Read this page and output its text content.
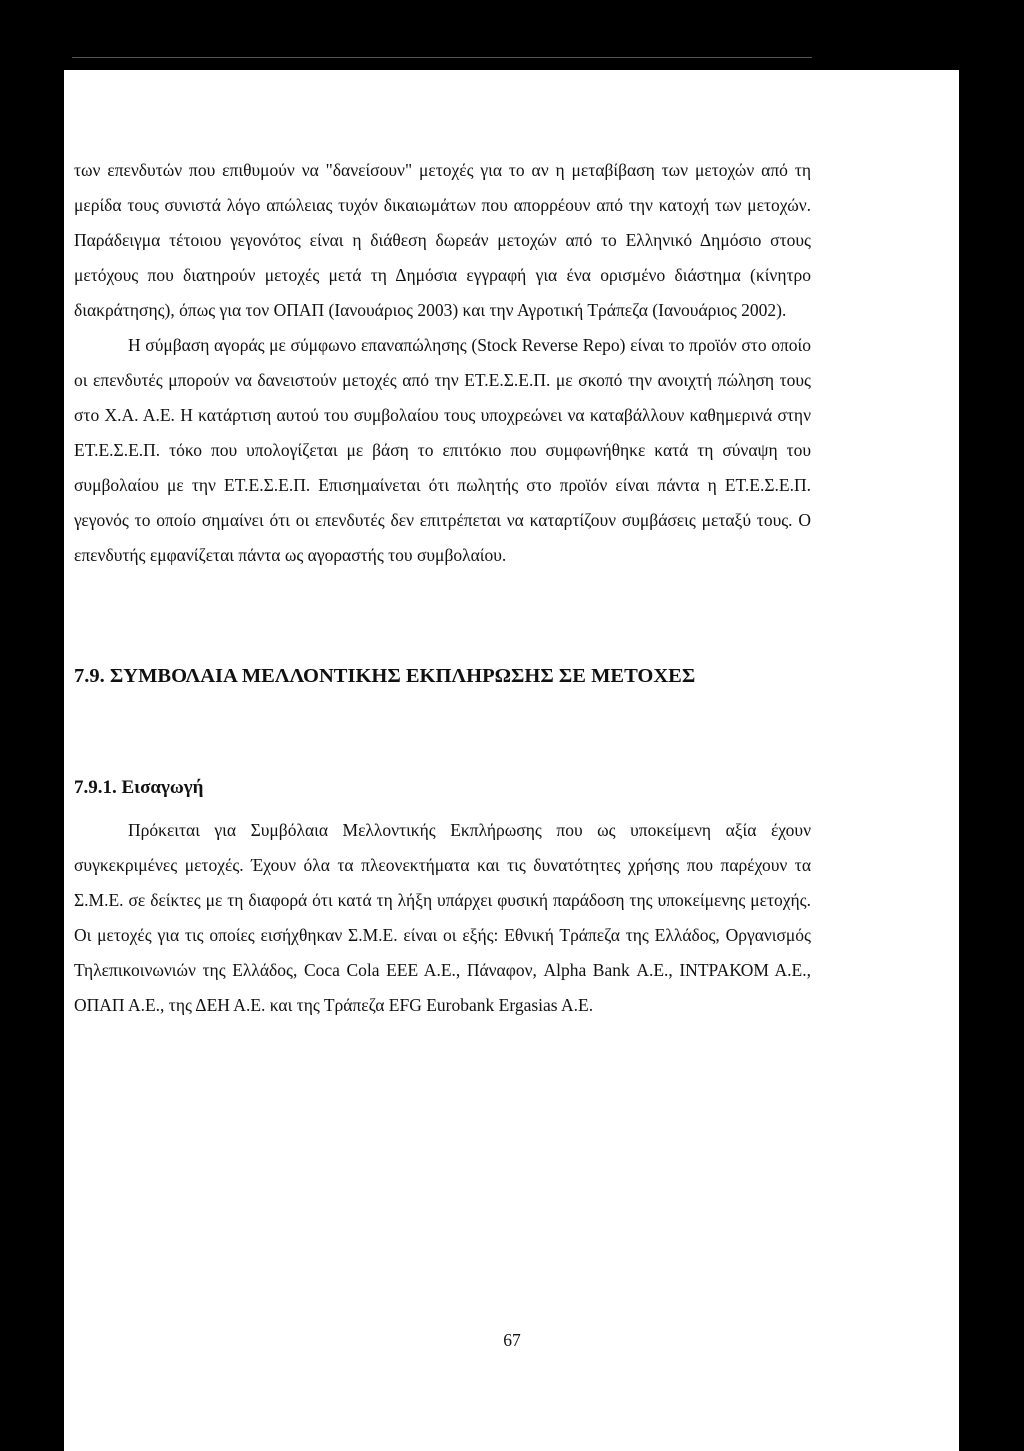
των επενδυτών που επιθυμούν να "δανείσουν" μετοχές για το αν η μεταβίβαση των μετοχών από τη μερίδα τους συνιστά λόγο απώλειας τυχόν δικαιωμάτων που απορρέουν από την κατοχή των μετοχών. Παράδειγμα τέτοιου γεγονότος είναι η διάθεση δωρεάν μετοχών από το Ελληνικό Δημόσιο στους μετόχους που διατηρούν μετοχές μετά τη Δημόσια εγγραφή για ένα ορισμένο διάστημα (κίνητρο διακράτησης), όπως για τον ΟΠΑΠ (Ιανουάριος 2003) και την Αγροτική Τράπεζα (Ιανουάριος 2002).

Η σύμβαση αγοράς με σύμφωνο επαναπώλησης (Stock Reverse Repo) είναι το προϊόν στο οποίο οι επενδυτές μπορούν να δανειστούν μετοχές από την ΕΤ.Ε.Σ.Ε.Π. με σκοπό την ανοιχτή πώληση τους στο Χ.Α. Α.Ε. Η κατάρτιση αυτού του συμβολαίου τους υποχρεώνει να καταβάλλουν καθημερινά στην ΕΤ.Ε.Σ.Ε.Π. τόκο που υπολογίζεται με βάση το επιτόκιο που συμφωνήθηκε κατά τη σύναψη του συμβολαίου με την ΕΤ.Ε.Σ.Ε.Π. Επισημαίνεται ότι πωλητής στο προϊόν είναι πάντα η ΕΤ.Ε.Σ.Ε.Π. γεγονός το οποίο σημαίνει ότι οι επενδυτές δεν επιτρέπεται να καταρτίζουν συμβάσεις μεταξύ τους. Ο επενδυτής εμφανίζεται πάντα ως αγοραστής του συμβολαίου.

7.9. ΣΥΜΒΟΛΑΙΑ ΜΕΛΛΟΝΤΙΚΗΣ ΕΚΠΛΗΡΩΣΗΣ ΣΕ ΜΕΤΟΧΕΣ
7.9.1. Εισαγωγή

Πρόκειται για Συμβόλαια Μελλοντικής Εκπλήρωσης που ως υποκείμενη αξία έχουν συγκεκριμένες μετοχές. Έχουν όλα τα πλεονεκτήματα και τις δυνατότητες χρήσης που παρέχουν τα Σ.Μ.Ε. σε δείκτες με τη διαφορά ότι κατά τη λήξη υπάρχει φυσική παράδοση της υποκείμενης μετοχής. Οι μετοχές για τις οποίες εισήχθηκαν Σ.Μ.Ε. είναι οι εξής: Εθνική Τράπεζα της Ελλάδος, Οργανισμός Τηλεπικοινωνιών της Ελλάδος, Coca Cola ΕΕΕ Α.Ε., Πάναφον, Alpha Bank Α.Ε., ΙΝΤΡΑΚΟΜ Α.Ε., ΟΠΑΠ Α.Ε., της ΔΕΗ Α.Ε. και της Τράπεζα EFG Eurobank Ergasias A.E.

67
